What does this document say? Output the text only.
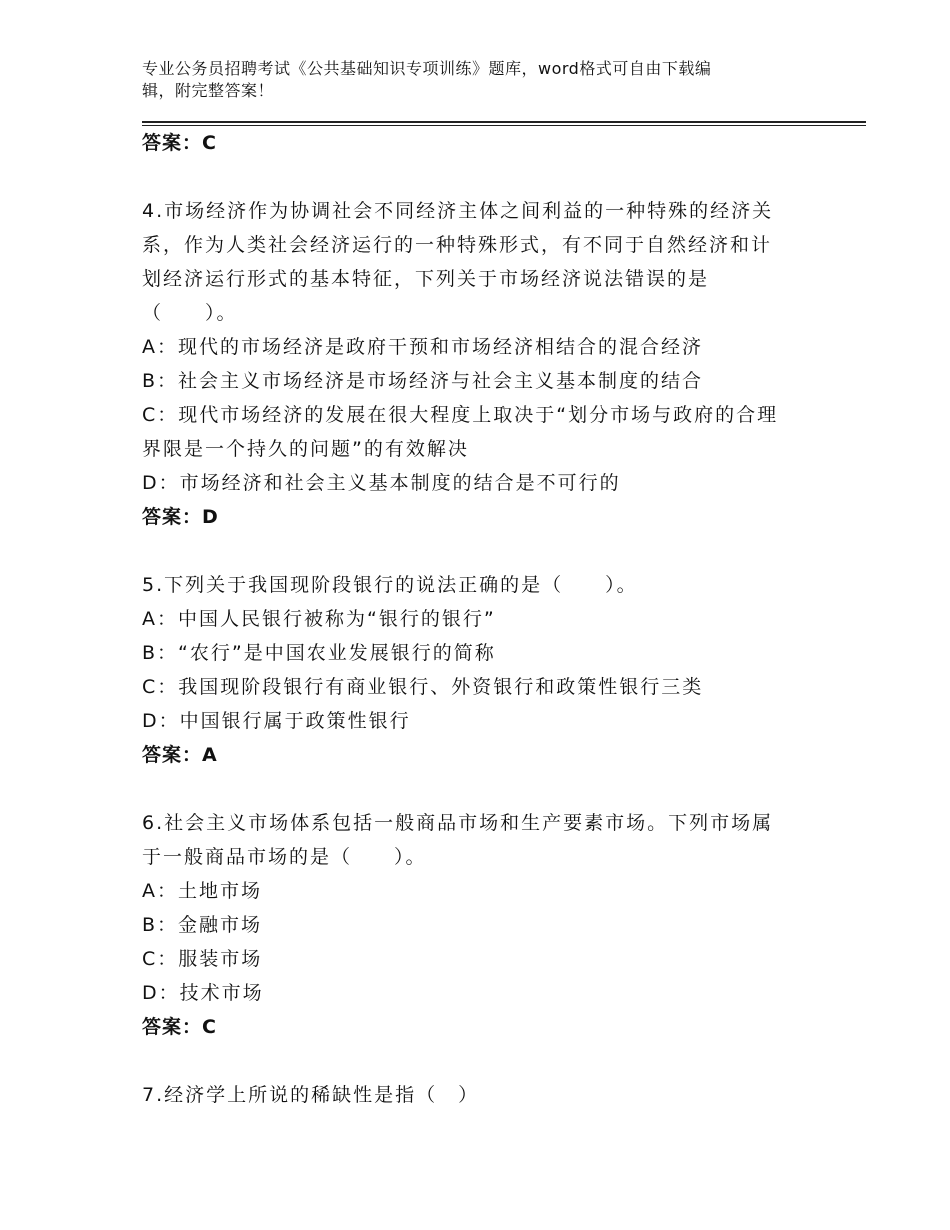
专业公务员招聘考试《公共基础知识专项训练》题库，word格式可自由下载编
辑，附完整答案！
答案：C
4.市场经济作为协调社会不同经济主体之间利益的一种特殊的经济关
系，作为人类社会经济运行的一种特殊形式，有不同于自然经济和计
划经济运行形式的基本特征，下列关于市场经济说法错误的是
（　　）。
A：现代的市场经济是政府干预和市场经济相结合的混合经济
B：社会主义市场经济是市场经济与社会主义基本制度的结合
C：现代市场经济的发展在很大程度上取决于“划分市场与政府的合理
界限是一个持久的问题”的有效解决
D：市场经济和社会主义基本制度的结合是不可行的
答案：D
5.下列关于我国现阶段银行的说法正确的是（　　）。
A：中国人民银行被称为“银行的银行”
B：“农行”是中国农业发展银行的简称
C：我国现阶段银行有商业银行、外资银行和政策性银行三类
D：中国银行属于政策性银行
答案：A
6.社会主义市场体系包括一般商品市场和生产要素市场。下列市场属
于一般商品市场的是（　　）。
A：土地市场
B：金融市场
C：服装市场
D：技术市场
答案：C
7.经济学上所说的稀缺性是指（　）
